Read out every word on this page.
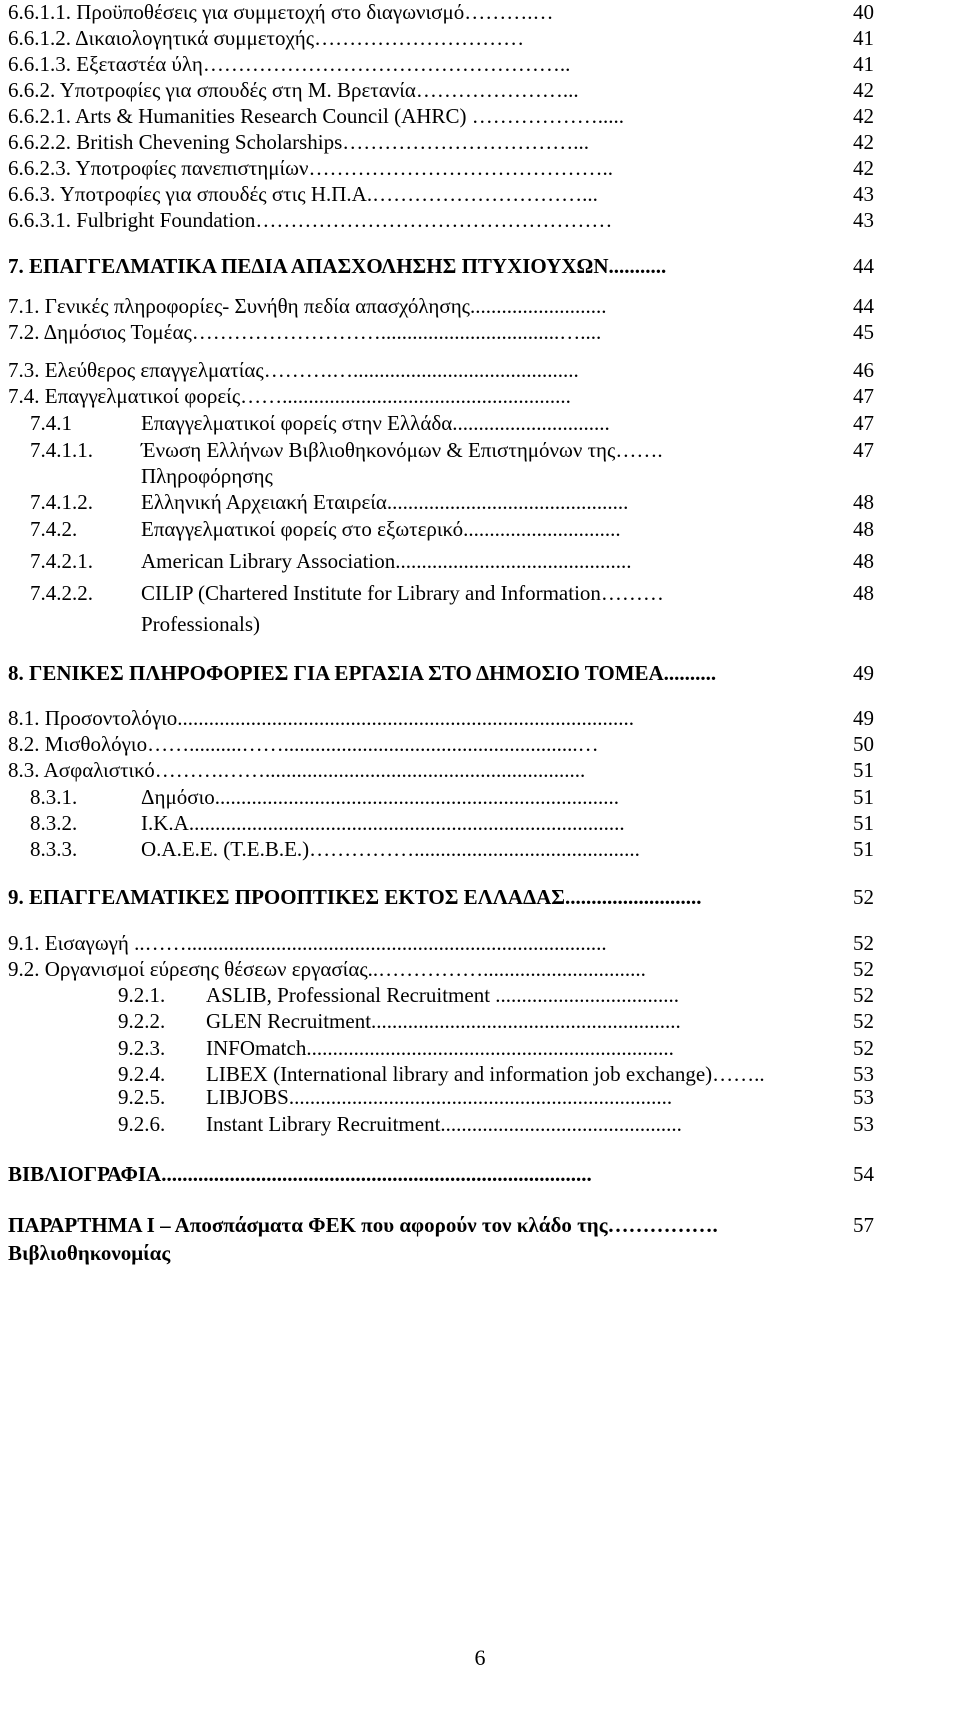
6.6.1.1. Προϋποθέσεις για συμμετοχή στο διαγωνισμό……….…	40
6.6.1.2. Δικαιολογητικά συμμετοχής…………………………	41
6.6.1.3. Εξεταστέα ύλη……………………………………………..	41
6.6.2. Υποτροφίες για σπουδές στη Μ. Βρετανία…………………...	42
6.6.2.1. Arts & Humanities Research Council (AHRC) ……………….....	42
6.6.2.2. British Chevening Scholarships……………………………...	42
6.6.2.3. Υποτροφίες πανεπιστημίων……………………………………..	42
6.6.3. Υποτροφίες για σπουδές στις Η.Π.Α.…………………………...	43
6.6.3.1. Fulbright Foundation……………………………………………	43
7. ΕΠΑΓΓΕΛΜΑΤΙΚΑ ΠΕΔΙΑ ΑΠΑΣΧΟΛΗΣΗΣ ΠΤΥΧΙΟΥΧΩΝ...........	44
7.1. Γενικές πληροφορίες- Συνήθη πεδία απασχόλησης..........................	44
7.2. Δημόσιος Τομέας………………………..................................…....	45
7.3. Ελεύθερος επαγγελματίας……….…...........................................	46
7.4. Επαγγελματικοί φορείς…….......................................................	47
7.4.1	Επαγγελματικοί φορείς στην Ελλάδα..............................	47
7.4.1.1. Ένωση Ελλήνων Βιβλιοθηκονόμων & Επιστημόνων της…….	47
Πληροφόρησης
7.4.1.2. Ελληνική Αρχειακή Εταιρεία..............................................	48
7.4.2.	Επαγγελματικοί φορείς στο εξωτερικό..............................	48
7.4.2.1. American Library Association.............................................	48
7.4.2.2. CILIP (Chartered Institute for Library and Information………	48
Professionals)
8. ΓΕΝΙΚΕΣ ΠΛΗΡΟΦΟΡΙΕΣ ΓΙΑ ΕΡΓΑΣΙΑ ΣΤΟ ΔΗΜΟΣΙΟ ΤΟΜΕΑ..........	49
8.1. Προσοντολόγιο.......................................................................................	49
8.2. Μισθολόγιο……..........……........................................................…	50
8.3. Ασφαλιστικό……….…….............................................................	51
8.3.1.	Δημόσιο.............................................................................	51
8.3.2.	Ι.Κ.Α...................................................................................	51
8.3.3.	Ο.Α.Ε.Ε. (Τ.Ε.Β.Ε.)……………...........................................	51
9. ΕΠΑΓΓΕΛΜΑΤΙΚΕΣ ΠΡΟΟΠΤΙΚΕΣ ΕΚΤΟΣ ΕΛΛΑΔΑΣ..........................	52
9.1. Εισαγωγή ..……................................................................................	52
9.2. Οργανισμοί εύρεσης θέσεων εργασίας..……………...............................	52
9.2.1. ASLIB, Professional Recruitment ...................................	52
9.2.2. GLEN Recruitment...........................................................	52
9.2.3. INFOmatch......................................................................	52
9.2.4. LIBEX (International library and information job exchange)……..	53
9.2.5. LIBJOBS.........................................................................	53
9.2.6. Instant Library Recruitment..............................................	53
ΒΙΒΛΙΟΓΡΑΦΙΑ..................................................................................	54
ΠΑΡΑΡΤΗΜΑ Ι – Αποσπάσματα ΦΕΚ που αφορούν τον κλάδο της…………….	57
Βιβλιοθηκονομίας
6
